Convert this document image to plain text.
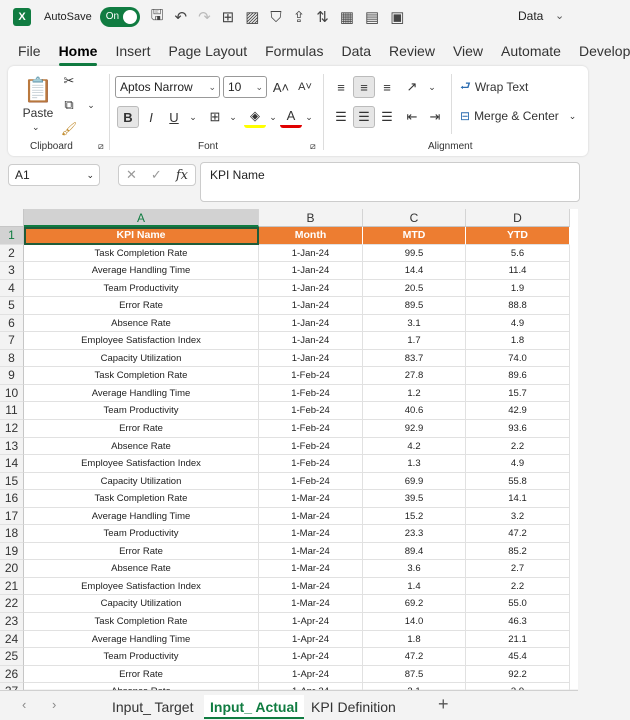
X	AutoSave	On	🖫 ↶ ↷ ⊞ ▨ ⛉ ⇪ ⇅ ▦ ▤ ▣	Data ⌄
File Home Insert Page Layout Formulas Data Review View Automate Develop
📋
Paste
⌄
✂
⧉	⌄
🖌
Clipboard	⧄
Aptos Narrow ⌄	10 ⌄ A˄ A˅
B	I	U	⌄ ⊞ ⌄	◈	⌄ A	⌄
Font	⧄
≡	≡	≡	↗	⌄
☰ ☰ ☰	⇤ ⇥
⮐ Wrap Text
⊟ Merge & Center ⌄
Alignment
A1	⌄ ✕ ✓ fx	KPI Name
A	B	C	D
1	KPI Name	Month	MTD	YTD
2	Task Completion Rate	1-Jan-24	99.5	5.6
3	Average Handling Time	1-Jan-24	14.4	11.4
4	Team Productivity	1-Jan-24	20.5	1.9
5	Error Rate	1-Jan-24	89.5	88.8
6	Absence Rate	1-Jan-24	3.1	4.9
7	Employee Satisfaction Index	1-Jan-24	1.7	1.8
8	Capacity Utilization	1-Jan-24	83.7	74.0
9	Task Completion Rate	1-Feb-24	27.8	89.6
10	Average Handling Time	1-Feb-24	1.2	15.7
11	Team Productivity	1-Feb-24	40.6	42.9
12	Error Rate	1-Feb-24	92.9	93.6
13	Absence Rate	1-Feb-24	4.2	2.2
14	Employee Satisfaction Index	1-Feb-24	1.3	4.9
15	Capacity Utilization	1-Feb-24	69.9	55.8
16	Task Completion Rate	1-Mar-24	39.5	14.1
17	Average Handling Time	1-Mar-24	15.2	3.2
18	Team Productivity	1-Mar-24	23.3	47.2
19	Error Rate	1-Mar-24	89.4	85.2
20	Absence Rate	1-Mar-24	3.6	2.7
21	Employee Satisfaction Index	1-Mar-24	1.4	2.2
22	Capacity Utilization	1-Mar-24	69.2	55.0
23	Task Completion Rate	1-Apr-24	14.0	46.3
24	Average Handling Time	1-Apr-24	1.8	21.1
25	Team Productivity	1-Apr-24	47.2	45.4
26	Error Rate	1-Apr-24	87.5	92.2
‹ ›	Input_ Target	Input_ Actual KPI Definition +
